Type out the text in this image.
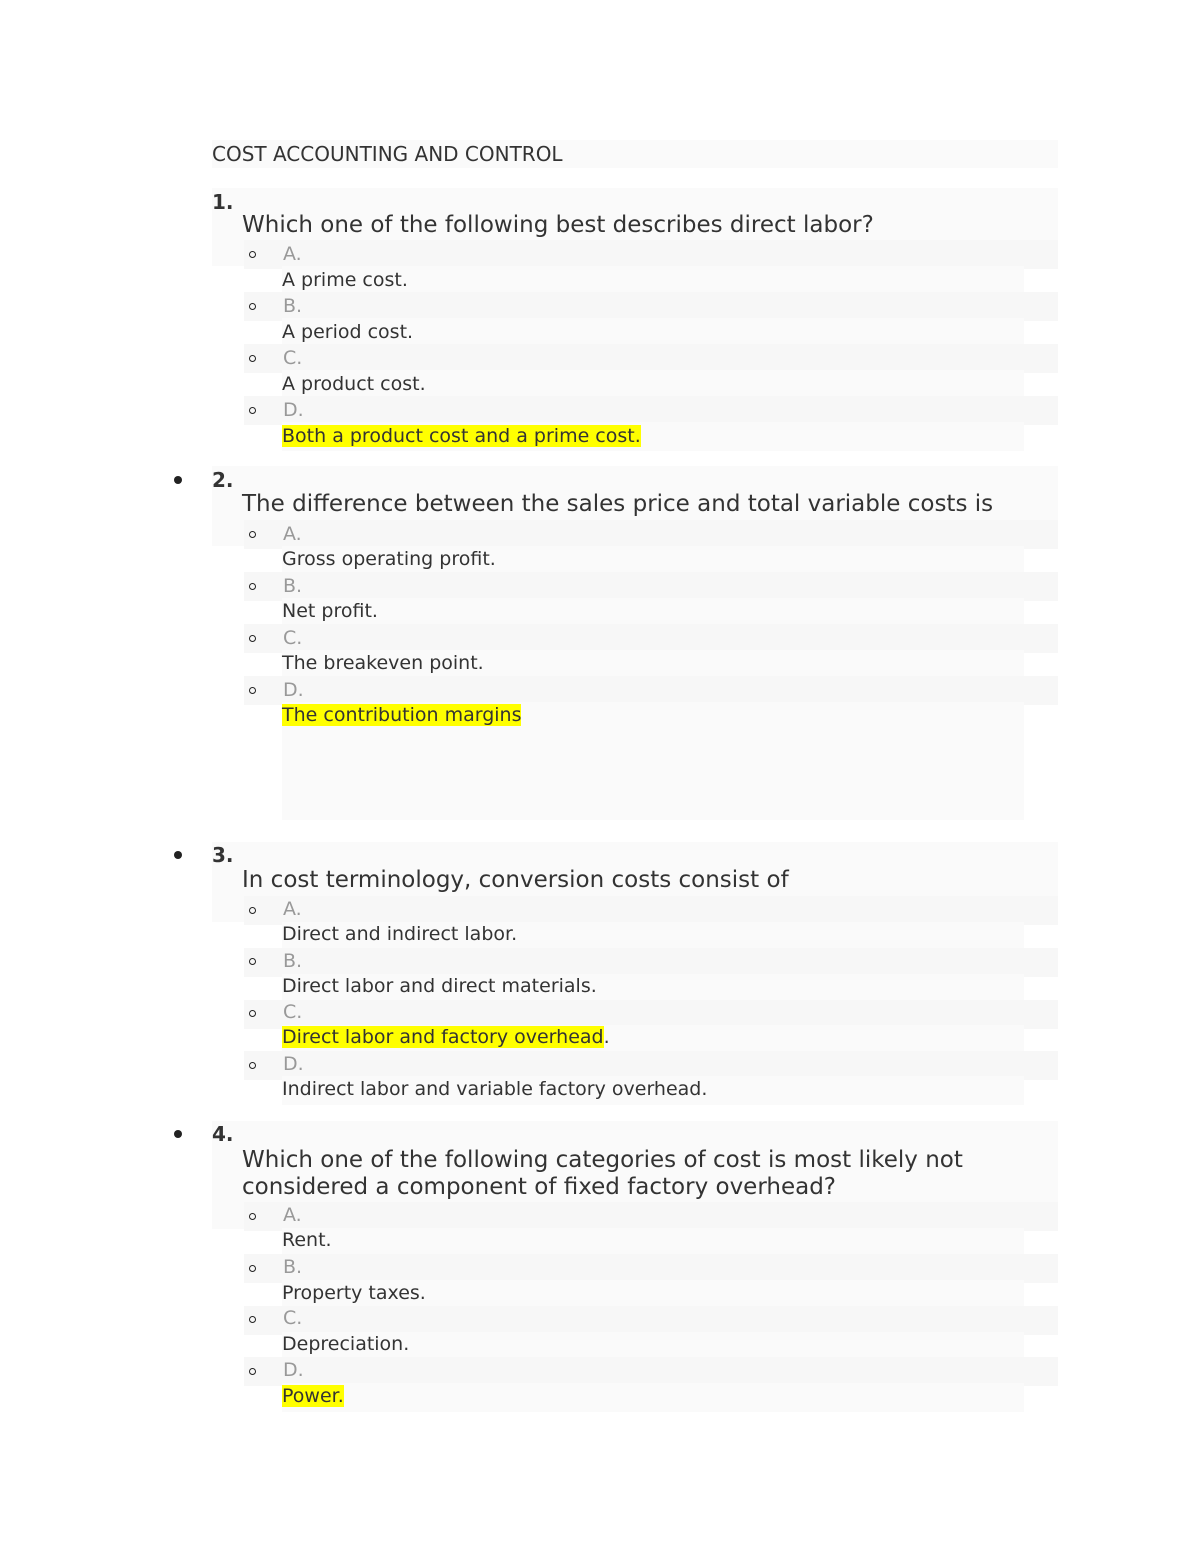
COST ACCOUNTING AND CONTROL
1.
Which one of the following best describes direct labor?
A.
A prime cost.
B.
A period cost.
C.
A product cost.
D.
Both a product cost and a prime cost.
2.
The difference between the sales price and total variable costs is
A.
Gross operating profit.
B.
Net profit.
C.
The breakeven point.
D.
The contribution margins
3.
In cost terminology, conversion costs consist of
A.
Direct and indirect labor.
B.
Direct labor and direct materials.
C.
Direct labor and factory overhead.
D.
Indirect labor and variable factory overhead.
4.
Which one of the following categories of cost is most likely not considered a component of fixed factory overhead?
A.
Rent.
B.
Property taxes.
C.
Depreciation.
D.
Power.
